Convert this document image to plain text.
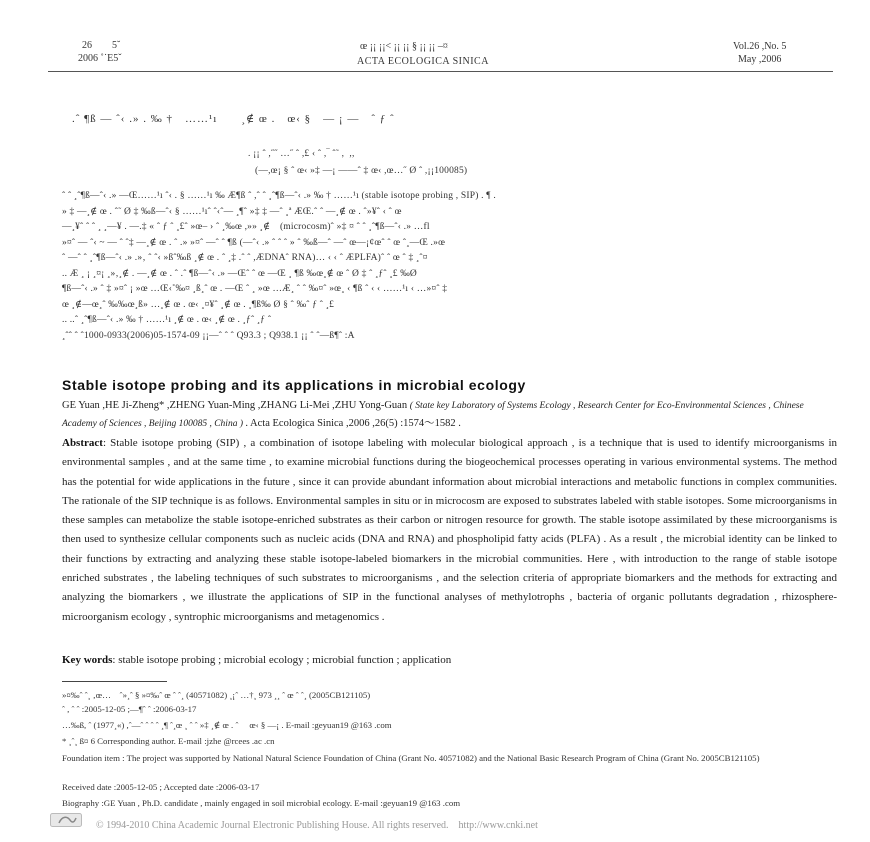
26　　5˘
2006 ˚˙E5ˇ
œ ¡¡ ¡¡< ¡¡ ¡¡ § ¡¡ ¡¡ –¤
ACTA ECOLOGICA SINICA
Vol.26 ,No. 5
May ,2006
.ˆ ¶ß — ˆ‹ .» . ‰ †　……¹ı　　¸∉ œ .　œ‹ §　— ¡ —　ˆ ƒ ˆ
. ¡¡ ˆ ,˝˝ …˝ ˆ ,£ ‹ ˆ ,‾ ˆ˜ ,  ,,
(—,œ¡ § ˆ œ‹ »‡ —¡ ——ˆ ‡ œ‹ ,œ…˝ Ø ˆ ,¡¡100085)
ˆ ˆ ¸ˆ¶ß—ˆ‹ .» —Œ……¹ı ˆ‹ . § ……¹ı ‰ Æ¶ß ˆ ,ˆ ˆ ¸ˆ¶ß—ˆ‹ .» ‰ † ……¹ı (stable isotope probing , SIP) . ¶ .
» ‡ —¸∉ œ . ˆ˜ Ø ‡ ‰ß—ˆ‹ § ……¹ıˆ ˆ‹ˆ— ¸¶ˆ »‡ ‡ —ˆ ¸ª ÆŒ.ˆ ˆ —¸∉ œ . ˆ»¥ˆ ‹ ˆ œ
—¸¥ˆ ˆ ˆ ¸ ¸—¥ . —.‡ « ˆ ƒ ˆ ¸£ˆ »œ– › ˆ ¸‰œ ,»» ¸∉　(microcosm)ˆ »‡ ¤ ˆ ˆ ¸ˆ¶ß—ˆ‹ .» …fl
»¤ˆ — ˆ‹ ~ — ˆ ˆ‡ —¸∉ œ . ˆ .» »¤ˆ —ˆ ˆ ¶ß (—ˆ‹ .» ˆ ˆ ˆ » ˆ ‰ß—ˆ —ˆ œ—¡¢œˆ ˆ œ ˆ¸—Œ .»œ
ˆ —ˆ ˆ ¸ˆ¶ß—ˆ‹ .» .»‚ ˆ ˆ‹ »ßˆ‰ß ¸∉ œ . ˆ ¸‡ .ˆ ˆ ,ÆDNAˆ RNA)… ‹ ‹ ˆ ÆPLFA)ˆ ˆ œ ˆ ‡ ¸ˆ¤
.. Æ ¸ ¡ ¸¤¡ ¸»‚¸∉ . —¸∉ œ . ˆ .ˆ ¶ß—ˆ‹ .» —Œˆ ˆ œ —Œ ¸ ¶ß ‰œ¸∉ œ ˆ Ø ‡ ˆ ¸ƒˆ ¸£ ‰Ø
¶ß—ˆ‹ .» ˆ ‡ »¤ˆ ¡ »œ …Œ‹˚‰¤ ¸ß¸ˆ œ . —Œ ˆ ¸ »œ …Æ¸ ˆ ˆ ‰¤ˆ »œ¸ ‹ ¶ß ˆ ‹ ‹ ……¹ı ‹ …»¤ˆ ‡
œ ¸∉—œ¸ˆ ‰‰œ¸ß» …¸∉ œ . œ‹ ¸¤¥ˆ ¸∉ œ . ¸¶ß‰ Ø § ˆ ‰ˆ ƒ ˆ ¸£
.. ..ˆ ¸ˆ¶ß—ˆ‹ .» ‰ † ……¹ı ¸∉ œ . œ‹ ¸∉ œ . ¸ƒˆ ¸ƒ ˆ
¸ˆˆ ˆ ˆ1000-0933(2006)05-1574-09 ¡¡—ˆ ˆ ˆ Q93.3 ; Q938.1 ¡¡ ˆ ˆ—ß¶ˆ :A
Stable isotope probing and its applications in microbial ecology
GE Yuan ,HE Ji-Zheng* ,ZHENG Yuan-Ming ,ZHANG Li-Mei ,ZHU Yong-Guan ( State key Laboratory of Systems Ecology , Research Center for Eco-Environmental Sciences , Chinese Academy of Sciences , Beijing 100085 , China ) . Acta Ecologica Sinica ,2006 ,26(5) :1574～1582 .
Abstract: Stable isotope probing (SIP) , a combination of isotope labeling with molecular biological approach , is a technique that is used to identify microorganisms in environmental samples , and at the same time , to examine microbial functions during the biogeochemical processes operating in various environmental systems. The method has the potential for wide applications in the future , since it can provide abundant information about microbial interactions and metabolic functions in complex communities. The rationale of the SIP technique is as follows. Environmental samples in situ or in microcosm are exposed to substrates labeled with stable isotopes. Some microorganisms in these samples can metabolize the stable isotope-enriched substrates as their carbon or nitrogen resource for growth. The stable isotope assimilated by these microorganisms is then used to synthesize cellular components such as nucleic acids (DNA and RNA) and phospholipid fatty acids (PLFA) . As a result , the microbial identity can be linked to their functions by extracting and analyzing these stable isotope-labeled biomarkers in the microbial communities. Here , with introduction to the range of stable isotope enriched substrates , the labeling techniques of such substrates to microorganisms , and the selection criteria of appropriate biomarkers and the methods for extracting and analyzing the biomarkers , we illustrate the applications of SIP in the functional analyses of methylotrophs , bacteria of organic pollutants degradation , rhizosphere-microorganism ecology , syntrophic microorganisms and metagenomics .
Key words: stable isotope probing ; microbial ecology ; microbial function ; application
»¤‰ˆ ˆ¸ ‚œ…　ˆ»¸ˆ § »¤‰ˆ œ ˆ ˆ¸ (40571082) ¸¡ˆ …†¸ 973 ¸¸ ˆ œ ˆ ˆ¸ (2005CB121105)
ˆ , ˆ ˆ :2005-12-05 ;—¶ˆ ˆ :2006-03-17
…‰ß, ˆ (1977¸«) ,ˆ—ˆ ˆ ˆ ˆ ¸¶ ˆ¸œ ¸ ˆ ˆ »‡ ¸∉ œ . ˆ　 œ‹ § —¡ . E-mail :geyuan19 @163 .com
* ¸ˆ¸ ß¤ 6 Corresponding author. E-mail :jzhe @rcees .ac .cn
Foundation item : The project was supported by National Natural Science Foundation of China (Grant No. 40571082) and the National Basic Research Program of China (Grant No. 2005CB121105)
Received date :2005-12-05 ; Accepted date :2006-03-17
Biography :GE Yuan , Ph.D. candidate , mainly engaged in soil microbial ecology. E-mail :geyuan19 @163 .com
© 1994-2010 China Academic Journal Electronic Publishing House. All rights reserved.　http://www.cnki.net
